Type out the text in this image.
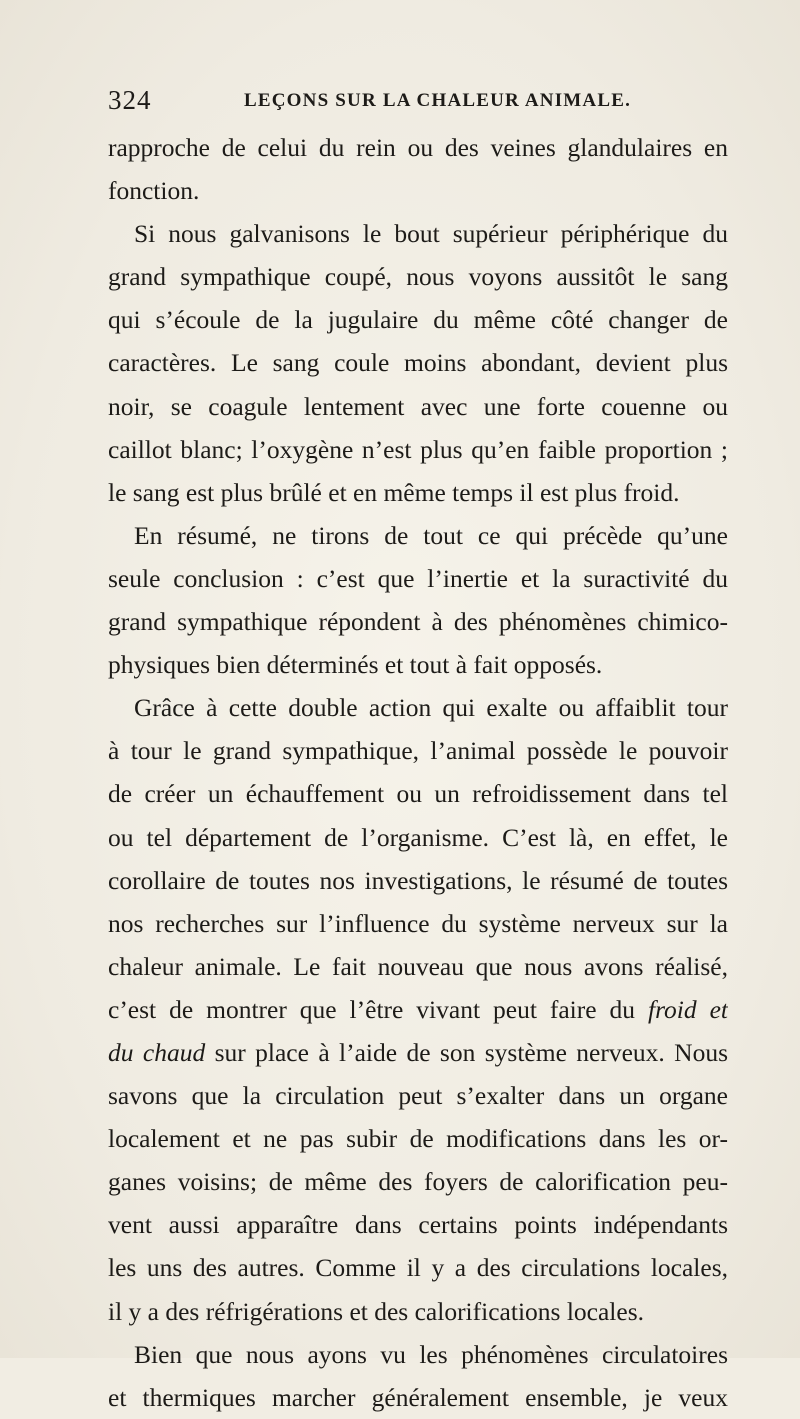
324	LEÇONS SUR LA CHALEUR ANIMALE.
rapproche de celui du rein ou des veines glandulaires en
fonction.
Si nous galvanisons le bout supérieur périphérique du
grand sympathique coupé, nous voyons aussitôt le sang
qui s’écoule de la jugulaire du même côté changer de
caractères. Le sang coule moins abondant, devient plus
noir, se coagule lentement avec une forte couenne ou
caillot blanc; l’oxygène n’est plus qu’en faible proportion ;
le sang est plus brûlé et en même temps il est plus froid.
En résumé, ne tirons de tout ce qui précède qu’une
seule conclusion : c’est que l’inertie et la suractivité du
grand sympathique répondent à des phénomènes chimico-
physiques bien déterminés et tout à fait opposés.
Grâce à cette double action qui exalte ou affaiblit tour
à tour le grand sympathique, l’animal possède le pouvoir
de créer un échauffement ou un refroidissement dans tel
ou tel département de l’organisme. C’est là, en effet, le
corollaire de toutes nos investigations, le résumé de toutes
nos recherches sur l’influence du système nerveux sur la
chaleur animale. Le fait nouveau que nous avons réalisé,
c’est de montrer que l’être vivant peut faire du froid et
du chaud sur place à l’aide de son système nerveux. Nous
savons que la circulation peut s’exalter dans un organe
localement et ne pas subir de modifications dans les or-
ganes voisins; de même des foyers de calorification peu-
vent aussi apparaître dans certains points indépendants
les uns des autres. Comme il y a des circulations locales,
il y a des réfrigérations et des calorifications locales.
Bien que nous ayons vu les phénomènes circulatoires
et thermiques marcher généralement ensemble, je veux
